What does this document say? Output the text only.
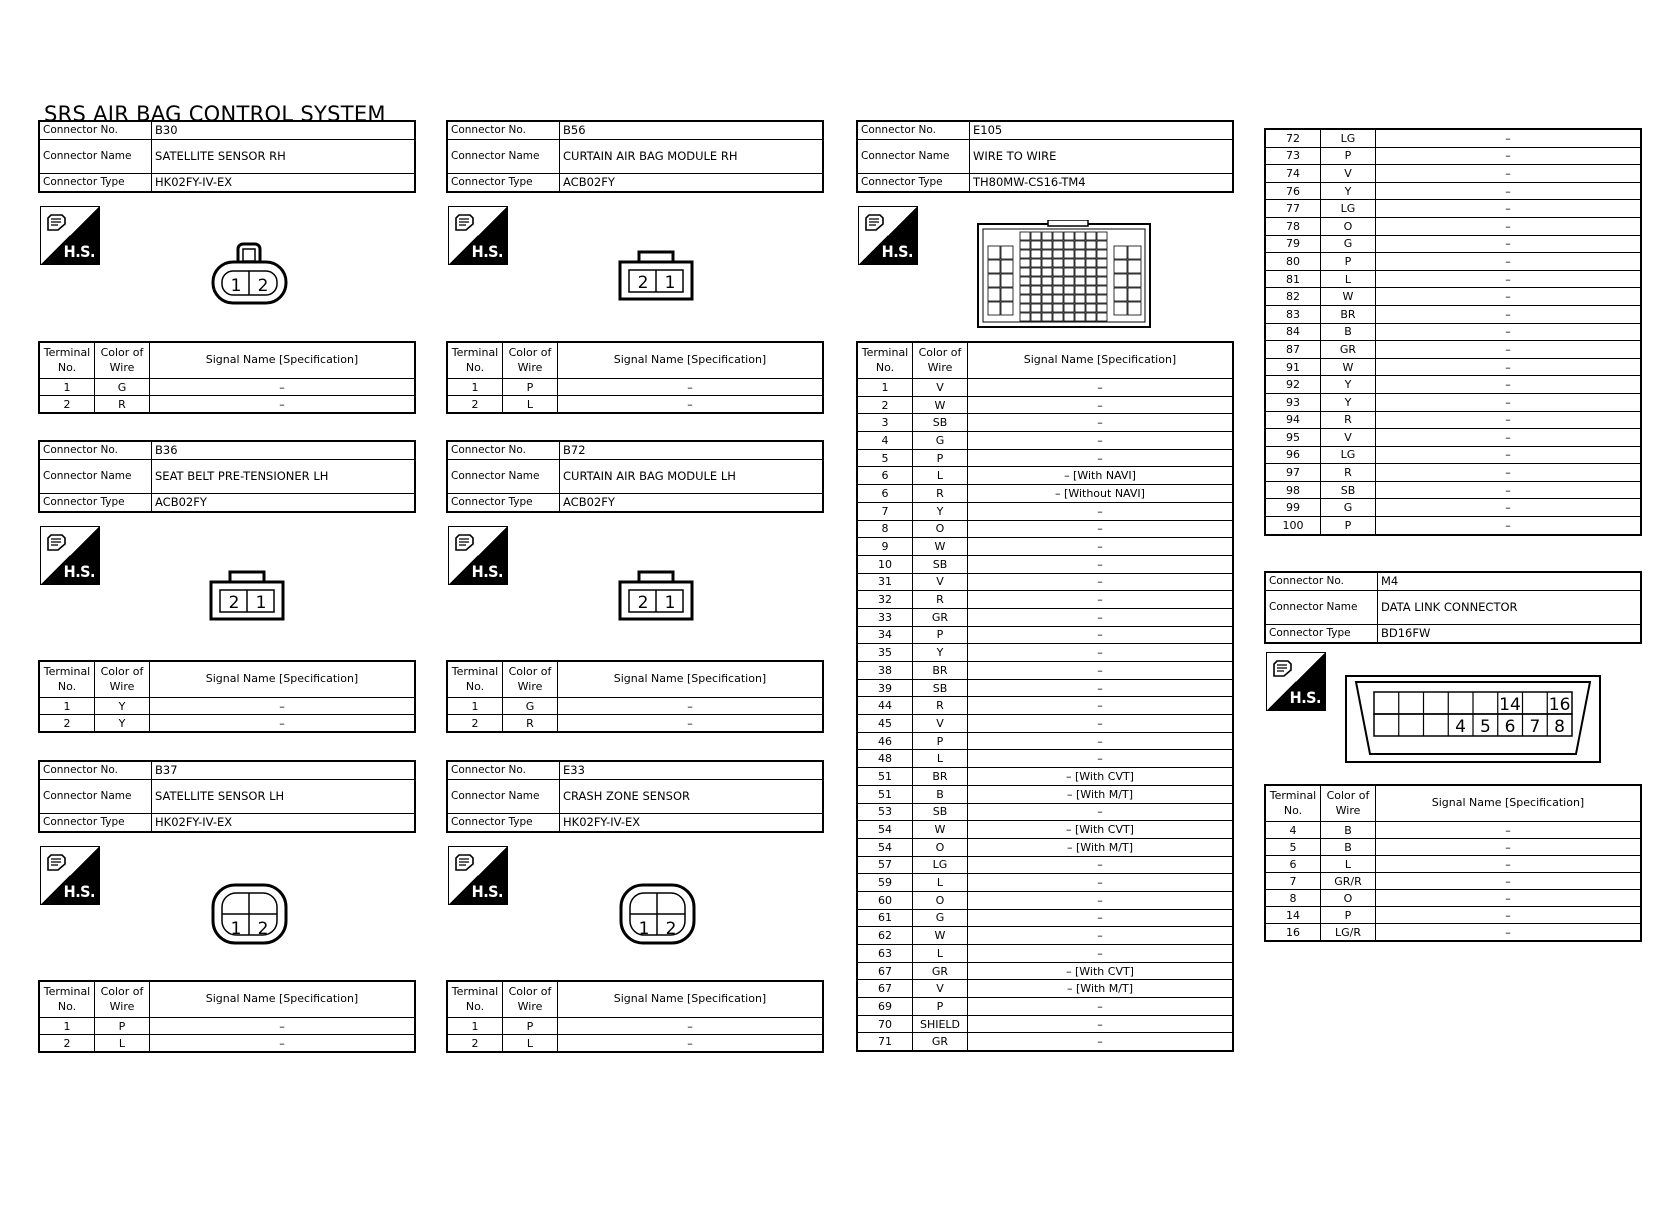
SRS AIR BAG CONTROL SYSTEM
Connector No.	B30
Connector Name	SATELLITE SENSOR RH
Connector Type	HK02FY-IV-EX
H.S.
1 2
Terminal No.	Color of Wire	Signal Name [Specification]
1	G	–
2	R	–
Connector No.	B56
Connector Name	CURTAIN AIR BAG MODULE RH
Connector Type	ACB02FY
H.S.
2 1
Terminal No.	Color of Wire	Signal Name [Specification]
1	P	–
2	L	–
Connector No.	B36
Connector Name	SEAT BELT PRE-TENSIONER LH
Connector Type	ACB02FY
H.S.
2 1
Terminal No.	Color of Wire	Signal Name [Specification]
1	Y	–
2	Y	–
Connector No.	B72
Connector Name	CURTAIN AIR BAG MODULE LH
Connector Type	ACB02FY
H.S.
2 1
Terminal No.	Color of Wire	Signal Name [Specification]
1	G	–
2	R	–
Connector No.	B37
Connector Name	SATELLITE SENSOR LH
Connector Type	HK02FY-IV-EX
H.S.
1 2
Terminal No.	Color of Wire	Signal Name [Specification]
1	P	–
2	L	–
Connector No.	E33
Connector Name	CRASH ZONE SENSOR
Connector Type	HK02FY-IV-EX
H.S.
1 2
Terminal No.	Color of Wire	Signal Name [Specification]
1	P	–
2	L	–
Connector No.	E105
Connector Name	WIRE TO WIRE
Connector Type	TH80MW-CS16-TM4
H.S.
Terminal No.	Color of Wire	Signal Name [Specification]
1	V	–
2	W	–
3	SB	–
4	G	–
5	P	–
6	L	– [With NAVI]
6	R	– [Without NAVI]
7	Y	–
8	O	–
9	W	–
10	SB	–
31	V	–
32	R	–
33	GR	–
34	P	–
35	Y	–
38	BR	–
39	SB	–
44	R	–
45	V	–
46	P	–
48	L	–
51	BR	– [With CVT]
51	B	– [With M/T]
53	SB	–
54	W	– [With CVT]
54	O	– [With M/T]
57	LG	–
59	L	–
60	O	–
61	G	–
62	W	–
63	L	–
67	GR	– [With CVT]
67	V	– [With M/T]
69	P	–
70	SHIELD	–
71	GR	–
72	LG	–
73	P	–
74	V	–
76	Y	–
77	LG	–
78	O	–
79	G	–
80	P	–
81	L	–
82	W	–
83	BR	–
84	B	–
87	GR	–
91	W	–
92	Y	–
93	Y	–
94	R	–
95	V	–
96	LG	–
97	R	–
98	SB	–
99	G	–
100	P	–
Connector No.	M4
Connector Name	DATA LINK CONNECTOR
Connector Type	BD16FW
H.S.	14 16
4 5 6 7 8
Terminal No.	Color of Wire	Signal Name [Specification]
4	B	–
5	B	–
6	L	–
7	GR/R	–
8	O	–
14	P	–
16	LG/R	–
